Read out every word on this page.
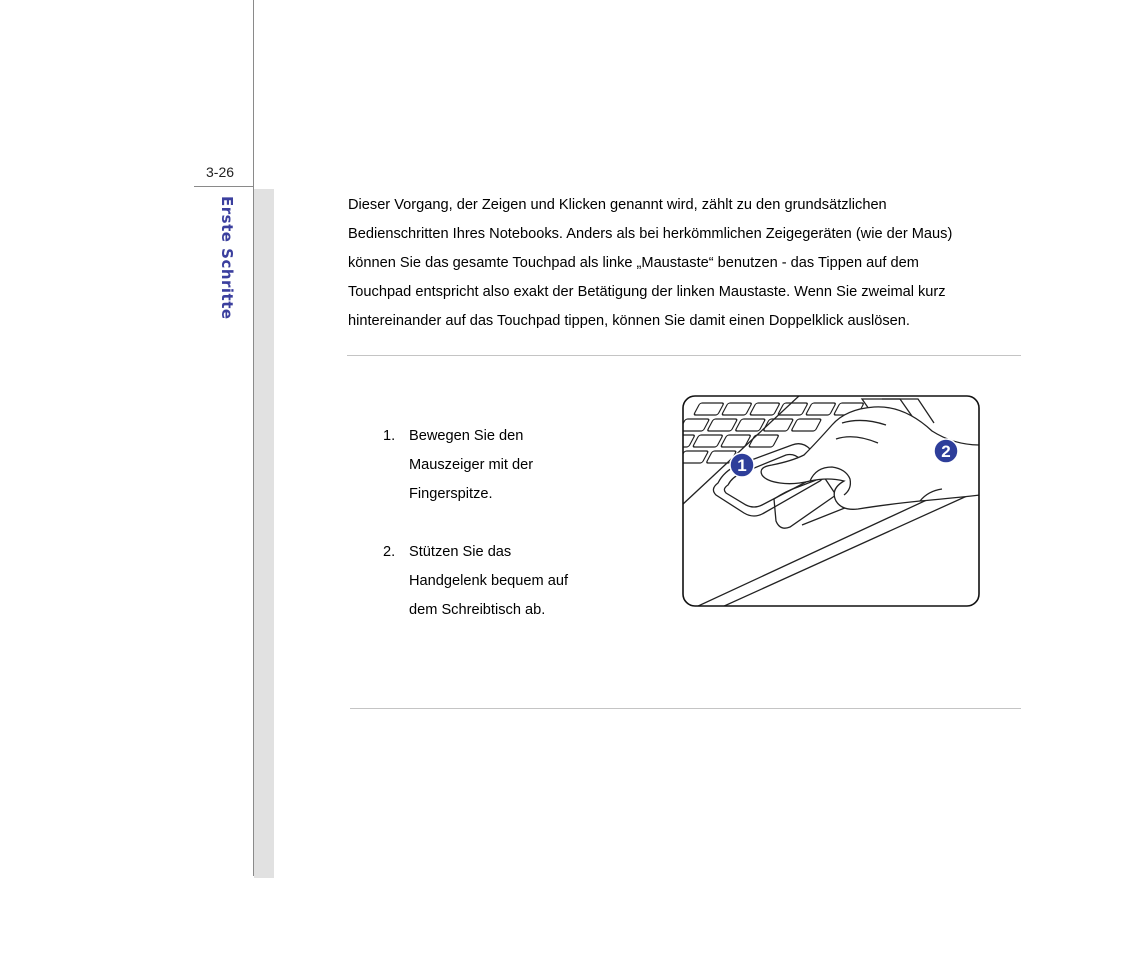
3-26
Erste Schritte	Dieser Vorgang, der Zeigen und Klicken genannt wird, zählt zu den grundsätzlichen
Bedienschritten Ihres Notebooks. Anders als bei herkömmlichen Zeigegeräten (wie der Maus)
können Sie das gesamte Touchpad als linke „Maustaste“ benutzen - das Tippen auf dem
Touchpad entspricht also exakt der Betätigung der linken Maustaste. Wenn Sie zweimal kurz
hintereinander auf das Touchpad tippen, können Sie damit einen Doppelklick auslösen.
1. Bewegen Sie den
Mauszeiger mit der
Fingerspitze.
2. Stützen Sie das
Handgelenk bequem auf
dem Schreibtisch ab.
1
2
